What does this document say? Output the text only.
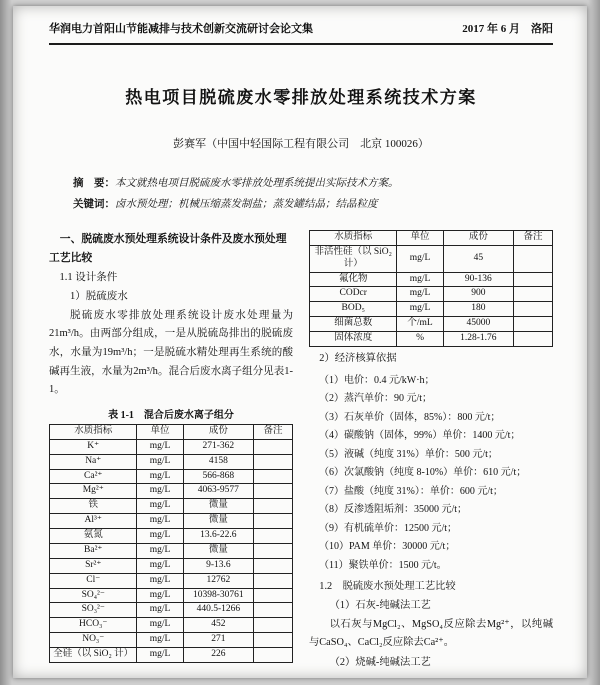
华润电力首阳山节能减排与技术创新交流研讨会论文集	2017 年 6 月　洛阳
热电项目脱硫废水零排放处理系统技术方案
彭赛军（中国中轻国际工程有限公司　北京 100026）
摘　要：本文就热电项目脱硫废水零排放处理系统提出实际技术方案。
关键词：卤水预处理；机械压缩蒸发制盐；蒸发罐结晶；结晶粒度
一、脱硫废水预处理系统设计条件及废水预处理工艺比较
1.1 设计条件
1）脱硫废水
脱硫废水零排放处理系统设计废水处理量为21m³/h。由两部分组成，一是从脱硫岛排出的脱硫废水，水量为19m³/h；一是脱硫水精处理再生系统的酸碱再生液，水量为2m³/h。混合后废水离子组分见表1-1。
表 1-1　混合后废水离子组分
水质指标	单位	成份	备注
K⁺	mg/L	271-362	
Na⁺	mg/L	4158	
Ca²⁺	mg/L	566-868	
Mg²⁺	mg/L	4063-9577	
铁	mg/L	微量	
Al³⁺	mg/L	微量	
氨氮	mg/L	13.6-22.6	
Ba²⁺	mg/L	微量	
Sr²⁺	mg/L	9-13.6	
Cl⁻	mg/L	12762	
SO₄²⁻	mg/L	10398-30761	
SO₃²⁻	mg/L	440.5-1266	
HCO₃⁻	mg/L	452	
NO₃⁻	mg/L	271	
全硅（以 SiO₂ 计）	mg/L	226	
水质指标	单位	成份	备注
非活性硅（以 SiO₂ 计）	mg/L	45	
氟化物	mg/L	90-136	
CODcr	mg/L	900	
BOD₅	mg/L	180	
细菌总数	个/mL	45000	
固体浓度	%	1.28-1.76	
2）经济核算依据
（1）电价：0.4 元/kW·h；
（2）蒸汽单价：90 元/t；
（3）石灰单价（固体，85%）：800 元/t；
（4）碳酸钠（固体，99%）单价：1400 元/t；
（5）液碱（纯度 31%）单价：500 元/t；
（6）次氯酸钠（纯度 8-10%）单价：610 元/t；
（7）盐酸（纯度 31%）：单价：600 元/t；
（8）反渗透阻垢剂：35000 元/t；
（9）有机硫单价：12500 元/t；
（10）PAM 单价：30000 元/t；
（11）聚铁单价：1500 元/t。
1.2　脱硫废水预处理工艺比较
（1）石灰-纯碱法工艺
以石灰与MgCl₂、MgSO₄反应除去Mg²⁺，以纯碱与CaSO₄、CaCl₂反应除去Ca²⁺。
（2）烧碱-纯碱法工艺
